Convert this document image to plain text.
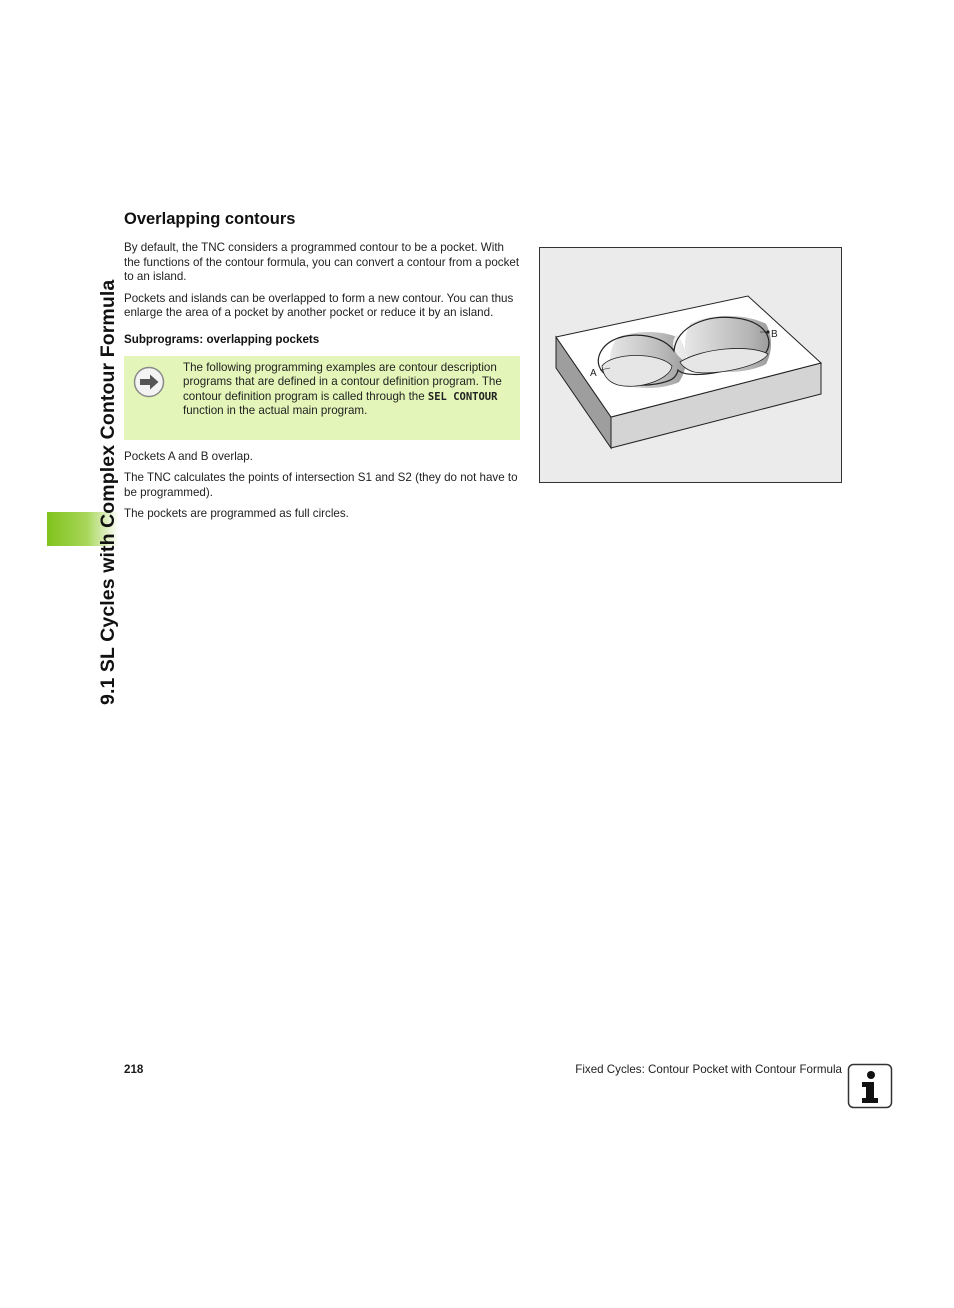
9.1 SL Cycles with Complex Contour Formula
Overlapping contours

By default, the TNC considers a programmed contour to be a pocket. With the functions of the contour formula, you can convert a contour from a pocket to an island.

Pockets and islands can be overlapped to form a new contour. You can thus enlarge the area of a pocket by another pocket or reduce it by an island.

Subprograms: overlapping pockets
The following programming examples are contour description programs that are defined in a contour definition program. The contour definition program is called through the SEL CONTOUR function in the actual main program.

Pockets A and B overlap.

The TNC calculates the points of intersection S1 and S2 (they do not have to be programmed).

The pockets are programmed as full circles.

A
B
218	Fixed Cycles: Contour Pocket with Contour Formula
